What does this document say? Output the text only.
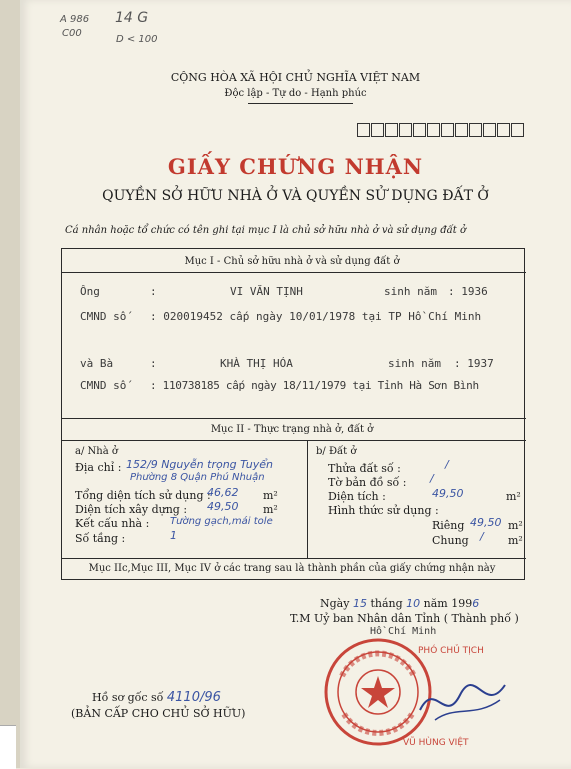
A 986
C00
14 G
D < 100
CỘNG HÒA XÃ HỘI CHỦ NGHĨA VIỆT NAM
Độc lập - Tự do - Hạnh phúc
GIẤY CHỨNG NHẬN
QUYỀN SỞ HỮU NHÀ Ở VÀ QUYỀN SỬ DỤNG ĐẤT Ở
Cá nhân hoặc tổ chức có tên ghi tại mục I là chủ sở hữu nhà ở và sử dụng đất ở
Mục I - Chủ sở hữu nhà ở và sử dụng đất ở
Ông	:	VI VĂN TỊNH	sinh năm : 1936
CMND số : 020019452 cấp ngày 10/01/1978 tại TP Hồ Chí Minh
và Bà	:	KHÀ THỊ HÓA	sinh năm : 1937
CMND số : 110738185 cấp ngày 18/11/1979 tại Tỉnh Hà Sơn Bình
Mục II - Thực trạng nhà ở, đất ở
a/ Nhà ở
Địa chỉ : 152/9 Nguyễn trọng Tuyển
Phường 8 Quận Phú Nhuận
Tổng diện tích sử dụng :
46,62 m²
Diện tích xây dựng : 49,50 m²
Kết cấu nhà : Tường gạch,mái tole
Số tầng :	1
b/ Đất ở
Thửa đất số :	/
Tờ bản đồ số : /
Diện tích :	49,50	m²
Hình thức sử dụng :
Riêng 49,50 m²
Chung / m²
Mục IIc,Mục III, Mục IV ở các trang sau là thành phần của giấy chứng nhận này
Ngày 15 tháng 10 năm 1996
T.M Uỷ ban Nhân dân Tỉnh ( Thành phố )
Hồ Chí Minh
PHÓ CHỦ TỊCH
VŨ HÙNG VIỆT
Hồ sơ gốc số 4110/96
(BẢN CẤP CHO CHỦ SỞ HỮU)
